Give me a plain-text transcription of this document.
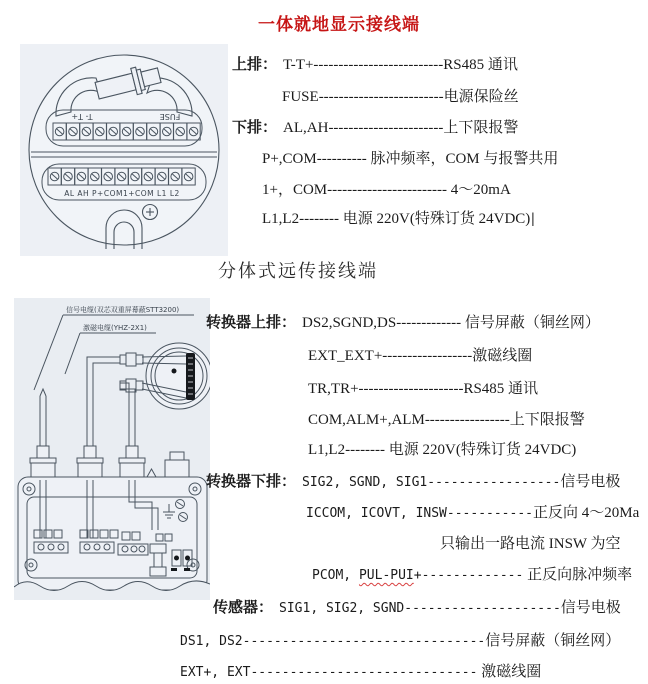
一体就地显示接线端
T- T+	FUSE
AL AH P+COM1+COM L1 L2
上排： T-T+--------------------------RS485 通讯
FUSE-------------------------电源保险丝
下排： AL,AH-----------------------上下限报警
P+,COM---------- 脉冲频率，COM 与报警共用
1+，COM------------------------ 4～20mA
L1,L2-------- 电源 220V(特殊订货 24VDC)|
分体式远传接线端
信号电缆(双芯双重屏幕蔽STT3200)
激磁电缆(YHZ-2X1)	转换器上排： DS2,SGND,DS------------- 信号屏蔽（铜丝网）
EXT_EXT+------------------激磁线圈
TR,TR+---------------------RS485 通讯
COM,ALM+,ALM-----------------上下限报警
L1,L2-------- 电源 220V(特殊订货 24VDC)
转换器下排： SIG2, SGND, SIG1-----------------信号电极
ICCOM, ICOVT, INSW-----------正反向 4～20Ma
只输出一路电流 INSW 为空
PCOM, PUL-PUI+------------- 正反向脉冲频率
传感器： SIG1, SIG2, SGND--------------------信号电极
DS1, DS2-------------------------------信号屏蔽（铜丝网）
EXT+, EXT----------------------------- 激磁线圈
